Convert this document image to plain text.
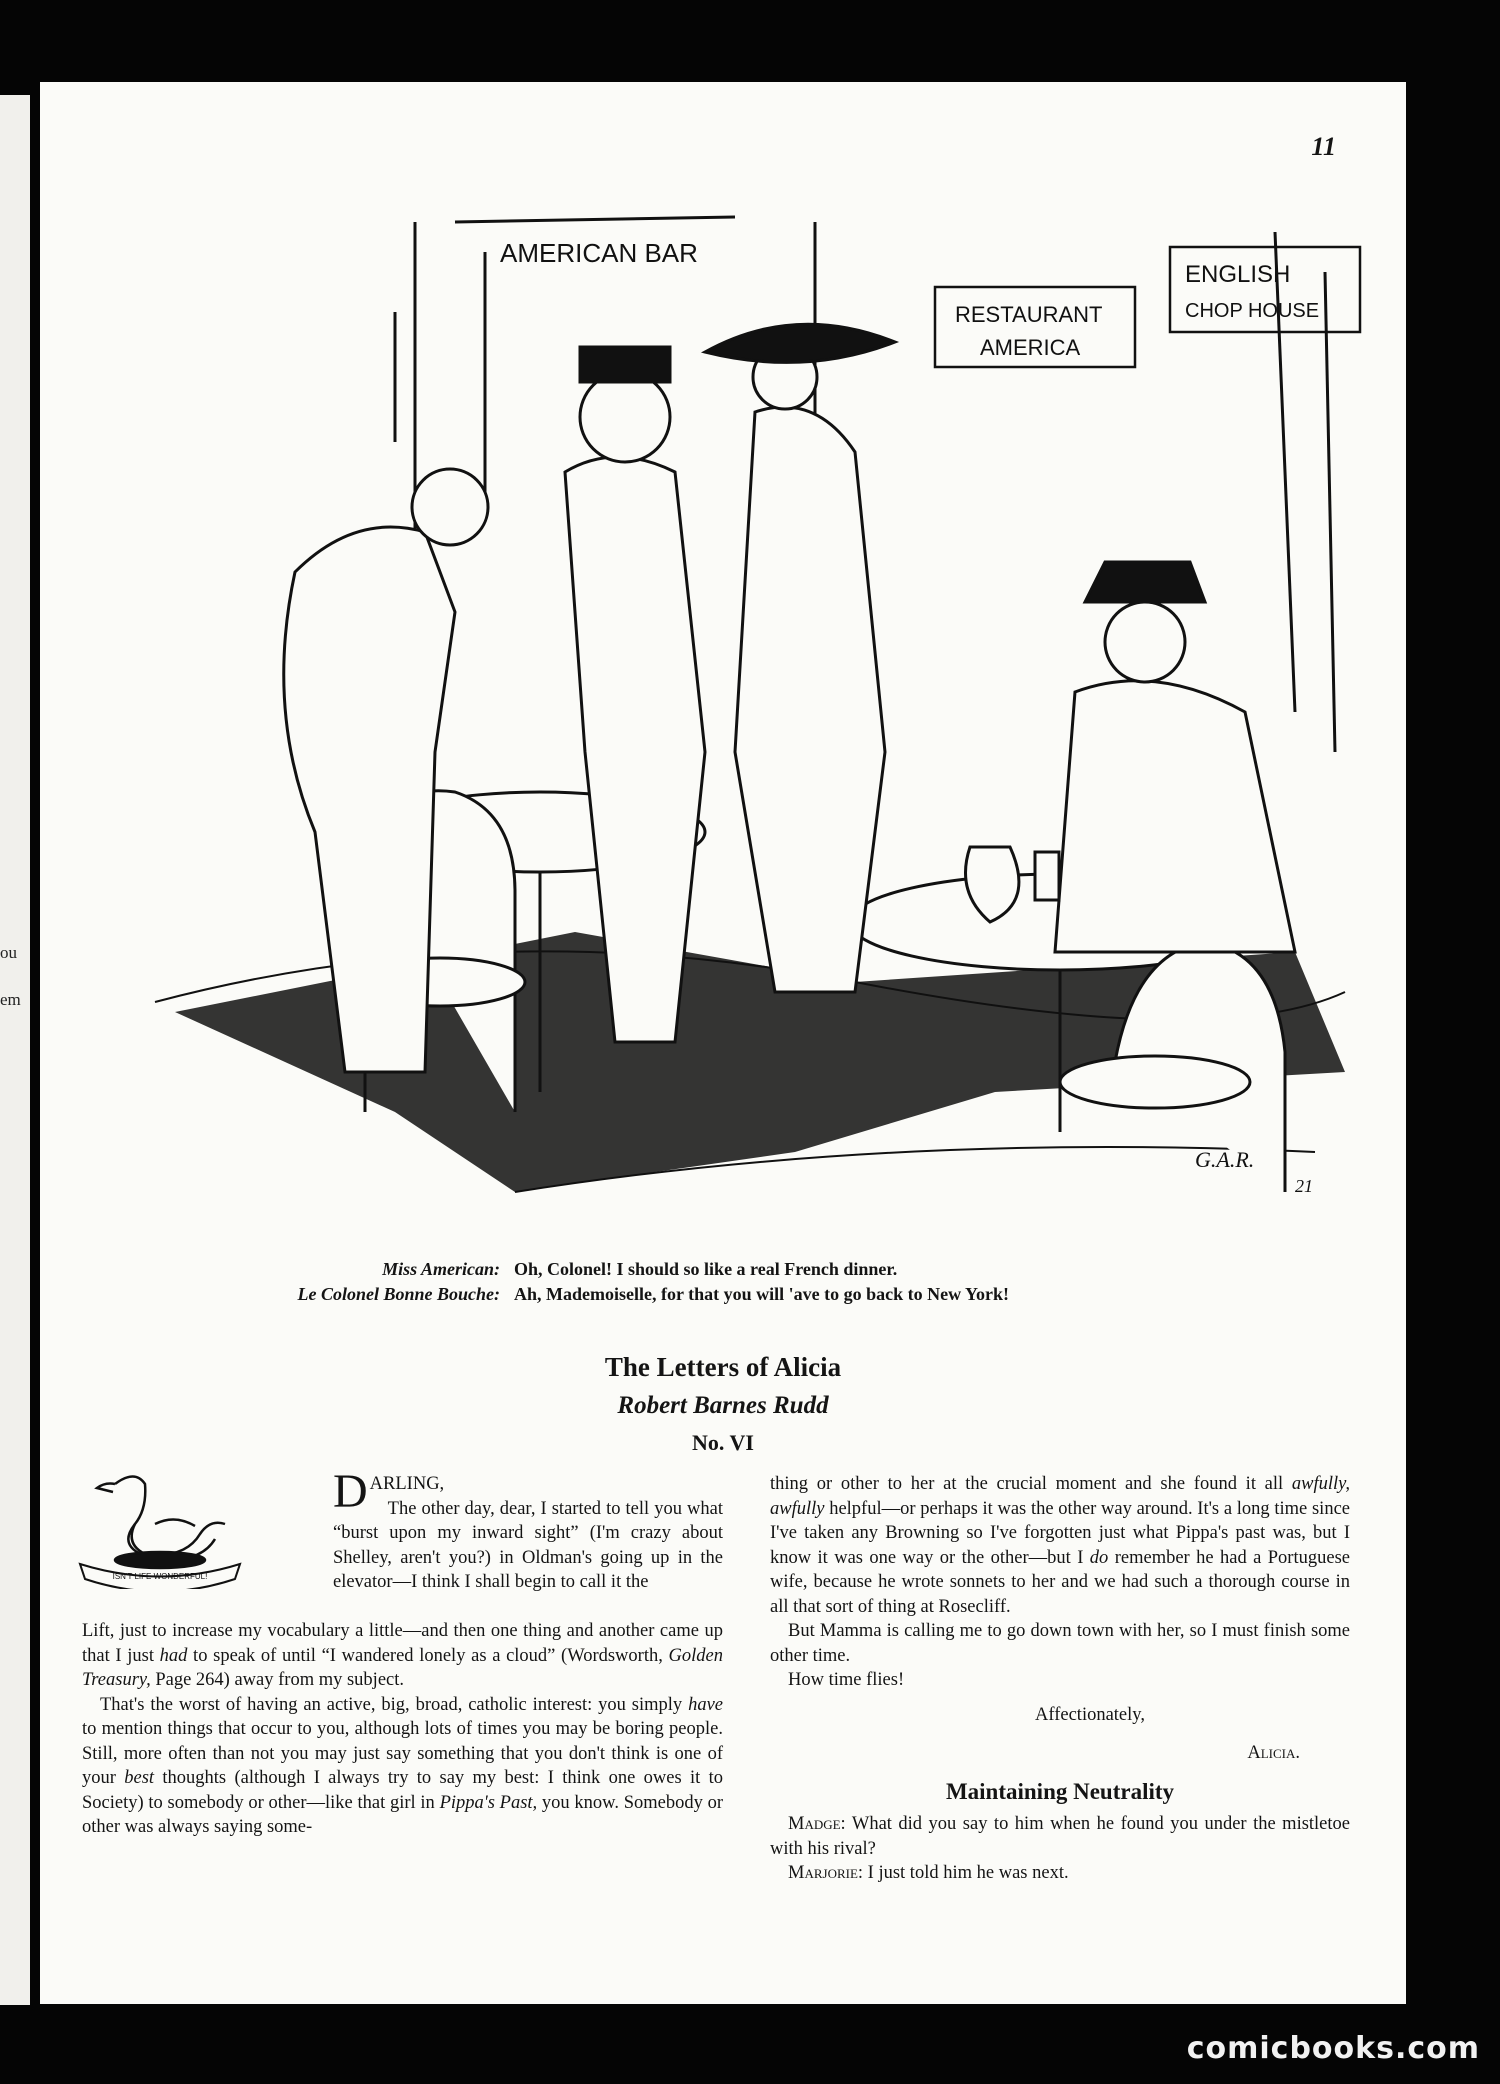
ou
em
11
AMERICAN BAR
RESTAURANT
AMERICA
ENGLISH
CHOP HOUSE
G.A.R.
21
Miss American: Oh, Colonel! I should so like a real French dinner.
Le Colonel Bonne Bouche: Ah, Mademoiselle, for that you will 'ave to go back to New York!
The Letters of Alicia
Robert Barnes Rudd
No. VI
ISN'T LIFE WONDERFUL!

DARLING,

The other day, dear, I started to tell you what “burst upon my inward sight” (I'm crazy about Shelley, aren't you?) in Oldman's going up in the elevator—I think I shall begin to call it the

Lift, just to increase my vocabulary a little—and then one thing and another came up that I just had to speak of until “I wandered lonely as a cloud” (Wordsworth, Golden Treasury, Page 264) away from my subject.

That's the worst of having an active, big, broad, catholic interest: you simply have to mention things that occur to you, although lots of times you may be boring people. Still, more often than not you may just say something that you don't think is one of your best thoughts (although I always try to say my best: I think one owes it to Society) to somebody or other—like that girl in Pippa's Past, you know. Somebody or other was always saying some-

thing or other to her at the crucial moment and she found it all awfully, awfully helpful—or perhaps it was the other way around. It's a long time since I've taken any Browning so I've forgotten just what Pippa's past was, but I know it was one way or the other—but I do remember he had a Portuguese wife, because he wrote sonnets to her and we had such a thorough course in all that sort of thing at Rosecliff.

But Mamma is calling me to go down town with her, so I must finish some other time.

How time flies!

Affectionately,

Alicia.

Maintaining Neutrality

Madge: What did you say to him when he found you under the mistletoe with his rival?

Marjorie: I just told him he was next.

comicbooks.com
